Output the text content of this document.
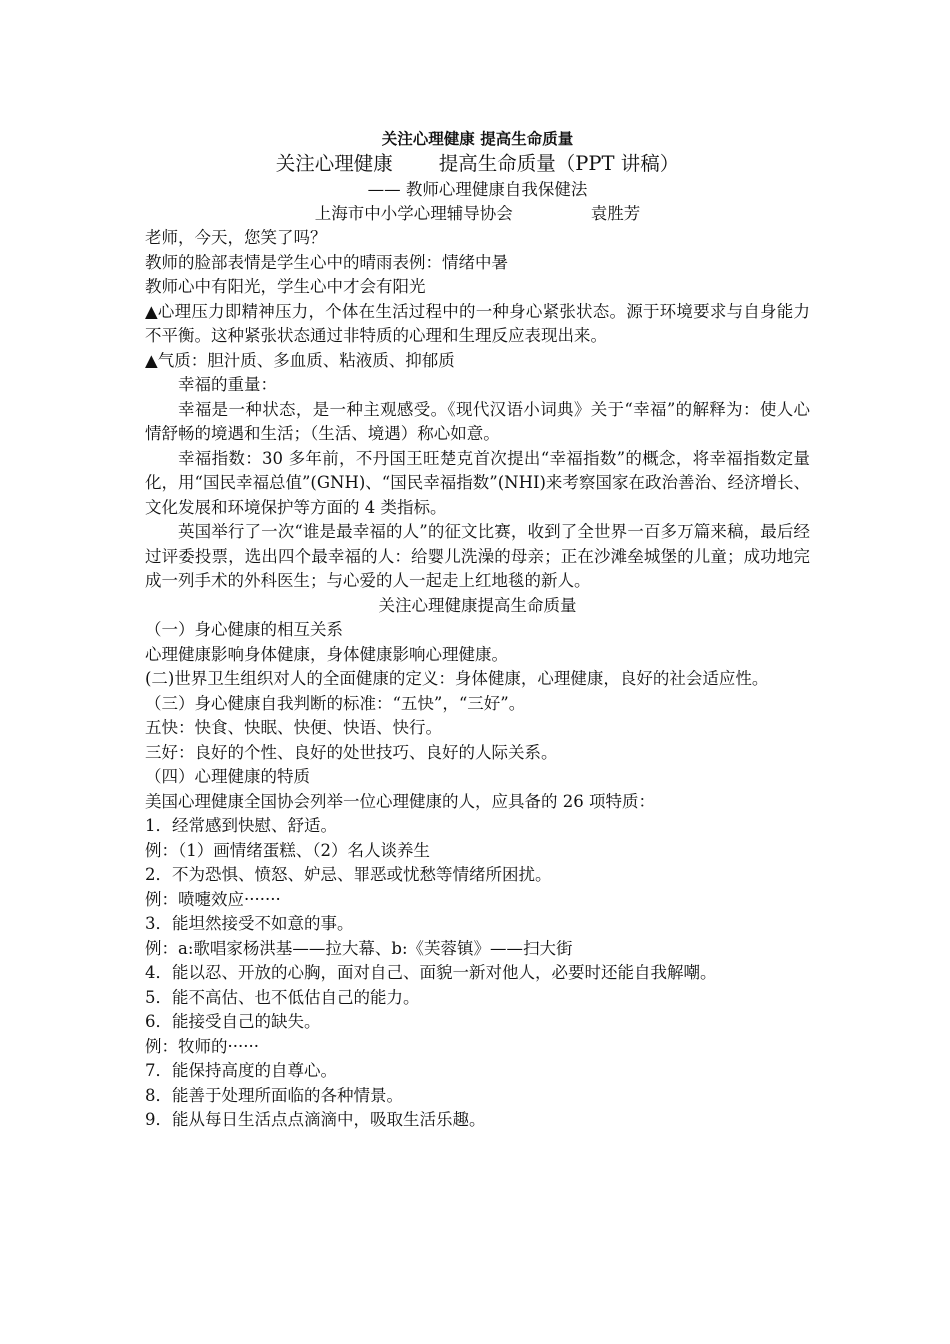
关注心理健康 提高生命质量
关注心理健康 提高生命质量（PPT 讲稿）
—— 教师心理健康自我保健法
上海市中小学心理辅导协会	袁胜芳

老师，今天，您笑了吗？

教师的脸部表情是学生心中的晴雨表例：情绪中暑

教师心中有阳光，学生心中才会有阳光

▲心理压力即精神压力，个体在生活过程中的一种身心紧张状态。源于环境要求与自身能力不平衡。这种紧张状态通过非特质的心理和生理反应表现出来。

▲气质：胆汁质、多血质、粘液质、抑郁质

幸福的重量：

幸福是一种状态，是一种主观感受。《现代汉语小词典》关于“幸福”的解释为：使人心情舒畅的境遇和生活；（生活、境遇）称心如意。

幸福指数：30 多年前，不丹国王旺楚克首次提出“幸福指数”的概念，将幸福指数定量化，用“国民幸福总值”(GNH)、“国民幸福指数”(NHI)来考察国家在政治善治、经济增长、文化发展和环境保护等方面的 4 类指标。

英国举行了一次“谁是最幸福的人”的征文比赛，收到了全世界一百多万篇来稿，最后经过评委投票，选出四个最幸福的人：给婴儿洗澡的母亲；正在沙滩垒城堡的儿童；成功地完成一列手术的外科医生；与心爱的人一起走上红地毯的新人。

关注心理健康提高生命质量

（一）身心健康的相互关系

心理健康影响身体健康，身体健康影响心理健康。

(二)世界卫生组织对人的全面健康的定义：身体健康，心理健康，良好的社会适应性。

（三）身心健康自我判断的标准：“五快”，“三好”。

五快：快食、快眠、快便、快语、快行。

三好：良好的个性、良好的处世技巧、良好的人际关系。

（四）心理健康的特质

美国心理健康全国协会列举一位心理健康的人，应具备的 26 项特质：

1．经常感到快慰、舒适。

例：（1）画情绪蛋糕、（2）名人谈养生

2．不为恐惧、愤怒、妒忌、罪恶或忧愁等情绪所困扰。

例：喷嚏效应·······

3．能坦然接受不如意的事。

例：a:歌唱家杨洪基——拉大幕、b:《芙蓉镇》——扫大街

4．能以忍、开放的心胸，面对自己、面貌一新对他人，必要时还能自我解嘲。

5．能不高估、也不低估自己的能力。

6．能接受自己的缺失。

例：牧师的······

7．能保持高度的自尊心。

8．能善于处理所面临的各种情景。

9．能从每日生活点点滴滴中，吸取生活乐趣。
